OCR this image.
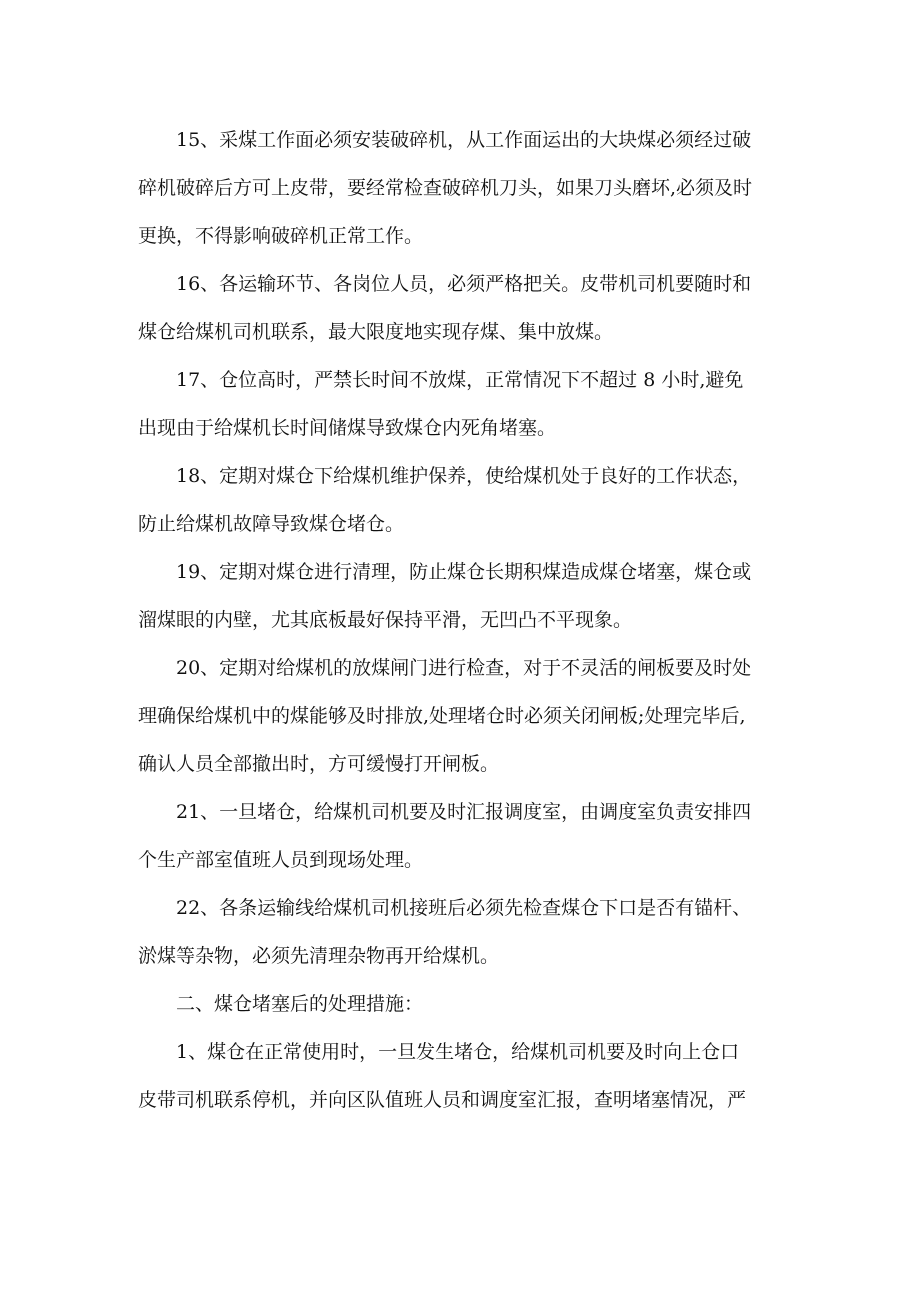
15、采煤工作面必须安装破碎机，从工作面运出的大块煤必须经过破
碎机破碎后方可上皮带，要经常检查破碎机刀头，如果刀头磨坏,必须及时
更换，不得影响破碎机正常工作。
16、各运输环节、各岗位人员，必须严格把关。皮带机司机要随时和
煤仓给煤机司机联系，最大限度地实现存煤、集中放煤。
17、仓位高时，严禁长时间不放煤，正常情况下不超过 8 小时,避免
出现由于给煤机长时间储煤导致煤仓内死角堵塞。
18、定期对煤仓下给煤机维护保养，使给煤机处于良好的工作状态，
防止给煤机故障导致煤仓堵仓。
19、定期对煤仓进行清理，防止煤仓长期积煤造成煤仓堵塞，煤仓或
溜煤眼的内壁，尤其底板最好保持平滑，无凹凸不平现象。
20、定期对给煤机的放煤闸门进行检查，对于不灵活的闸板要及时处
理确保给煤机中的煤能够及时排放,处理堵仓时必须关闭闸板;处理完毕后,
确认人员全部撤出时，方可缓慢打开闸板。
21、一旦堵仓，给煤机司机要及时汇报调度室，由调度室负责安排四
个生产部室值班人员到现场处理。
22、各条运输线给煤机司机接班后必须先检查煤仓下口是否有锚杆、
淤煤等杂物，必须先清理杂物再开给煤机。
二、煤仓堵塞后的处理措施：
1、煤仓在正常使用时，一旦发生堵仓，给煤机司机要及时向上仓口
皮带司机联系停机，并向区队值班人员和调度室汇报，查明堵塞情况，严
